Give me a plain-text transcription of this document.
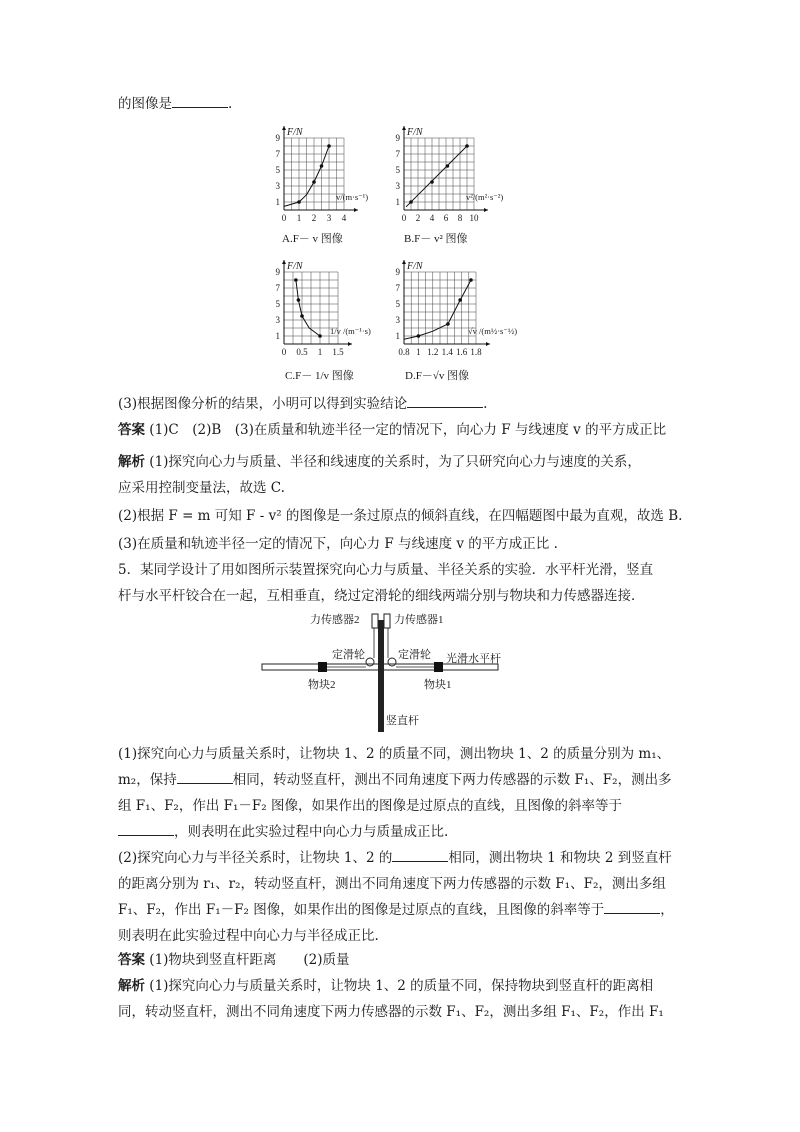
的图像是	.
1
3
5
7
9
0 1 2 3 4
F/N
v/(m·s⁻¹)
A.F－ v 图像
1
3
5
7
9
0 2 4 6 8 10
F/N
v²/(m²·s⁻²)
B.F－ v² 图像
1
3
5
7
9
0 0.5 1 1.5
F/N
1/v /(m⁻¹·s)
C.F－ 1/v 图像
1
3
5
7
9
0.8 1 1.2 1.4 1.6 1.8
F/N
√v /(m½·s⁻½)
D.F－√v 图像
(3)根据图像分析的结果，小明可以得到实验结论	.
答案 (1)C　(2)B　(3)在质量和轨迹半径一定的情况下，向心力 F 与线速度 v 的平方成正比
解析 (1)探究向心力与质量、半径和线速度的关系时，为了只研究向心力与速度的关系，
应采用控制变量法，故选 C.
(2)根据 F = m 可知 F - v² 的图像是一条过原点的倾斜直线，在四幅题图中最为直观，故选 B.
(3)在质量和轨迹半径一定的情况下，向心力 F 与线速度 v 的平方成正比 .
5．某同学设计了用如图所示装置探究向心力与质量、半径关系的实验．水平杆光滑，竖直
杆与水平杆铰合在一起，互相垂直，绕过定滑轮的细线两端分别与物块和力传感器连接．
力传感器2	力传感器1
定滑轮	定滑轮 光滑水平杆
物块2	物块1
竖直杆
(1)探究向心力与质量关系时，让物块 1、2 的质量不同，测出物块 1、2 的质量分别为 m₁、
m₂，保持	相同，转动竖直杆，测出不同角速度下两力传感器的示数 F₁、F₂，测出多
组 F₁、F₂，作出 F₁－F₂ 图像，如果作出的图像是过原点的直线，且图像的斜率等于
，则表明在此实验过程中向心力与质量成正比.
(2)探究向心力与半径关系时，让物块 1、2 的	相同，测出物块 1 和物块 2 到竖直杆
的距离分别为 r₁、r₂，转动竖直杆，测出不同角速度下两力传感器的示数 F₁、F₂，测出多组
F₁、F₂，作出 F₁－F₂ 图像，如果作出的图像是过原点的直线，且图像的斜率等于	，
则表明在此实验过程中向心力与半径成正比.
答案 (1)物块到竖直杆距离　　(2)质量
解析 (1)探究向心力与质量关系时，让物块 1、2 的质量不同，保持物块到竖直杆的距离相
同，转动竖直杆，测出不同角速度下两力传感器的示数 F₁、F₂，测出多组 F₁、F₂，作出 F₁
